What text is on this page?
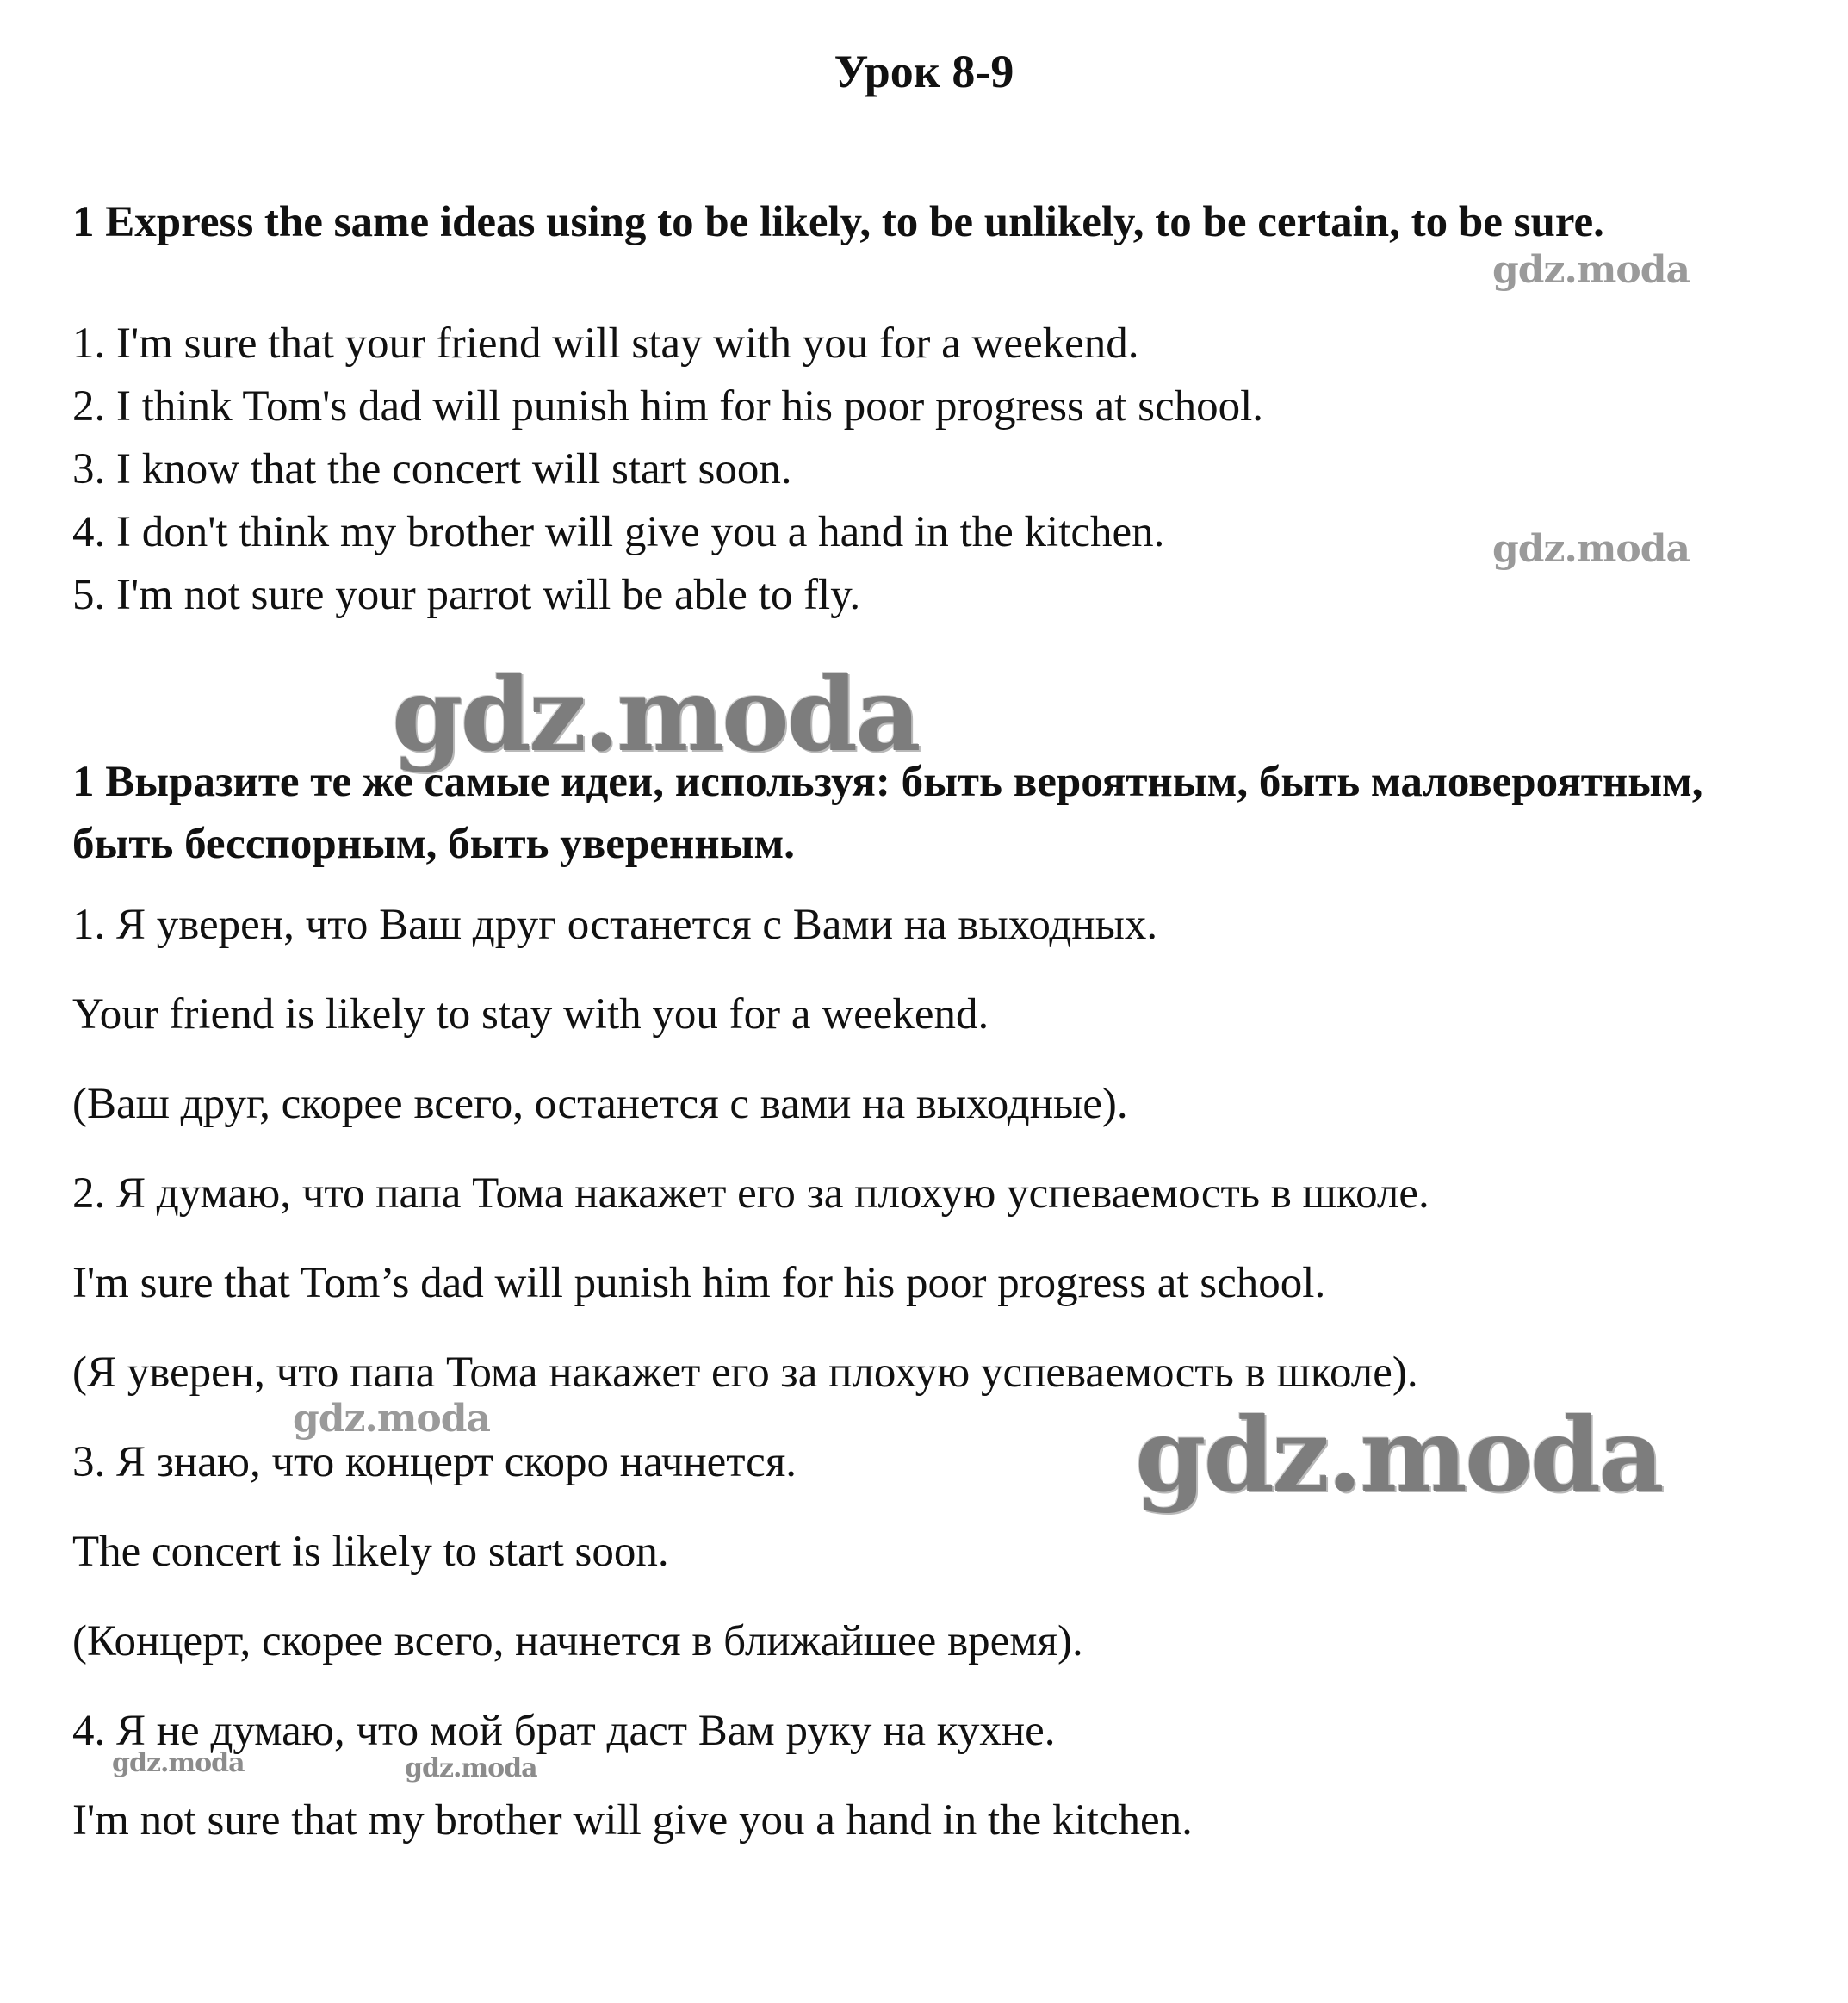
Урок 8-9
1 Express the same ideas using to be likely, to be unlikely, to be certain, to be sure.
1. I'm sure that your friend will stay with you for a weekend.
2. I think Tom's dad will punish him for his poor progress at school.
3. I know that the concert will start soon.
4. I don't think my brother will give you a hand in the kitchen.
5. I'm not sure your parrot will be able to fly.
1 Выразите те же самые идеи, используя: быть вероятным, быть маловероятным, быть бесспорным, быть уверенным.
1. Я уверен, что Ваш друг останется с Вами на выходных.
Your friend is likely to stay with you for a weekend.
(Ваш друг, скорее всего, останется с вами на выходные).
2. Я думаю, что папа Тома накажет его за плохую успеваемость в школе.
I'm sure that Tom’s dad will punish him for his poor progress at school.
(Я уверен, что папа Тома накажет его за плохую успеваемость в школе).
3. Я знаю, что концерт скоро начнется.
The concert is likely to start soon.
(Концерт, скорее всего, начнется в ближайшее время).
4. Я не думаю, что мой брат даст Вам руку на кухне.
I'm not sure that my brother will give you a hand in the kitchen.
gdz.moda
gdz.moda
gdz.moda
gdz.moda	gdz.moda
gdz.moda	gdz.moda
